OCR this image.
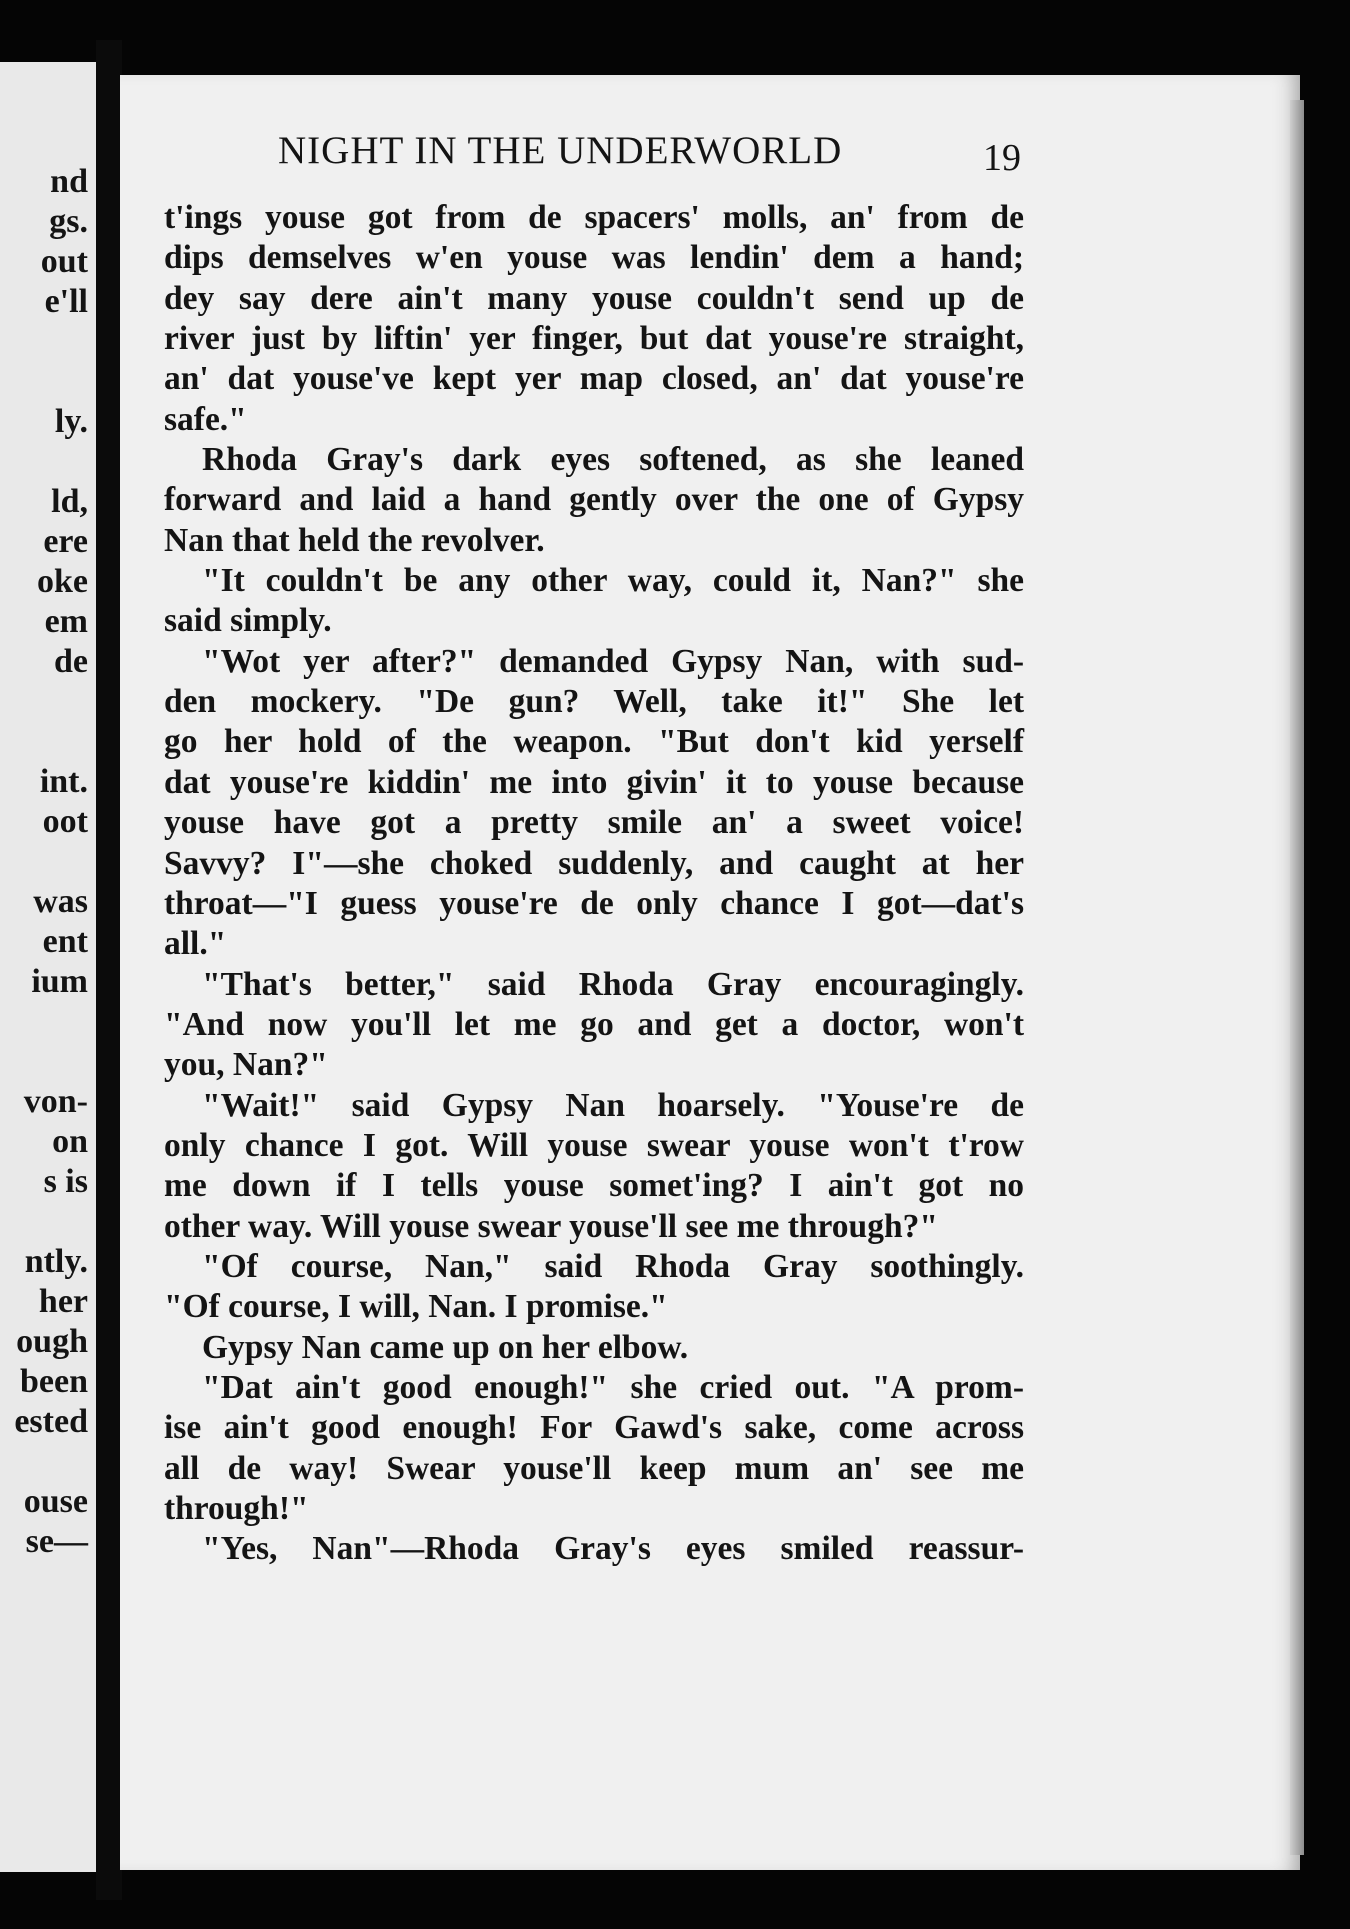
nd
gs.
out
e'll
ly.
ld,
ere
oke
em
de
int.
oot
was
ent
ium
von-
on
s is
ntly.
her
ough
been
ested
ouse
se—
NIGHT IN THE UNDERWORLD	19
t'ings youse got from de spacers' molls, an' from de
dips demselves w'en youse was lendin' dem a hand;
dey say dere ain't many youse couldn't send up de
river just by liftin' yer finger, but dat youse're straight,
an' dat youse've kept yer map closed, an' dat youse're
safe."
Rhoda Gray's dark eyes softened, as she leaned
forward and laid a hand gently over the one of Gypsy
Nan that held the revolver.
"It couldn't be any other way, could it, Nan?" she
said simply.
"Wot yer after?" demanded Gypsy Nan, with sud-
den mockery. "De gun? Well, take it!" She let
go her hold of the weapon. "But don't kid yerself
dat youse're kiddin' me into givin' it to youse because
youse have got a pretty smile an' a sweet voice!
Savvy? I"—she choked suddenly, and caught at her
throat—"I guess youse're de only chance I got—dat's
all."
"That's better," said Rhoda Gray encouragingly.
"And now you'll let me go and get a doctor, won't
you, Nan?"
"Wait!" said Gypsy Nan hoarsely. "Youse're de
only chance I got. Will youse swear youse won't t'row
me down if I tells youse somet'ing? I ain't got no
other way. Will youse swear youse'll see me through?"
"Of course, Nan," said Rhoda Gray soothingly.
"Of course, I will, Nan. I promise."
Gypsy Nan came up on her elbow.
"Dat ain't good enough!" she cried out. "A prom-
ise ain't good enough! For Gawd's sake, come across
all de way! Swear youse'll keep mum an' see me
through!"
"Yes, Nan"—Rhoda Gray's eyes smiled reassur-
